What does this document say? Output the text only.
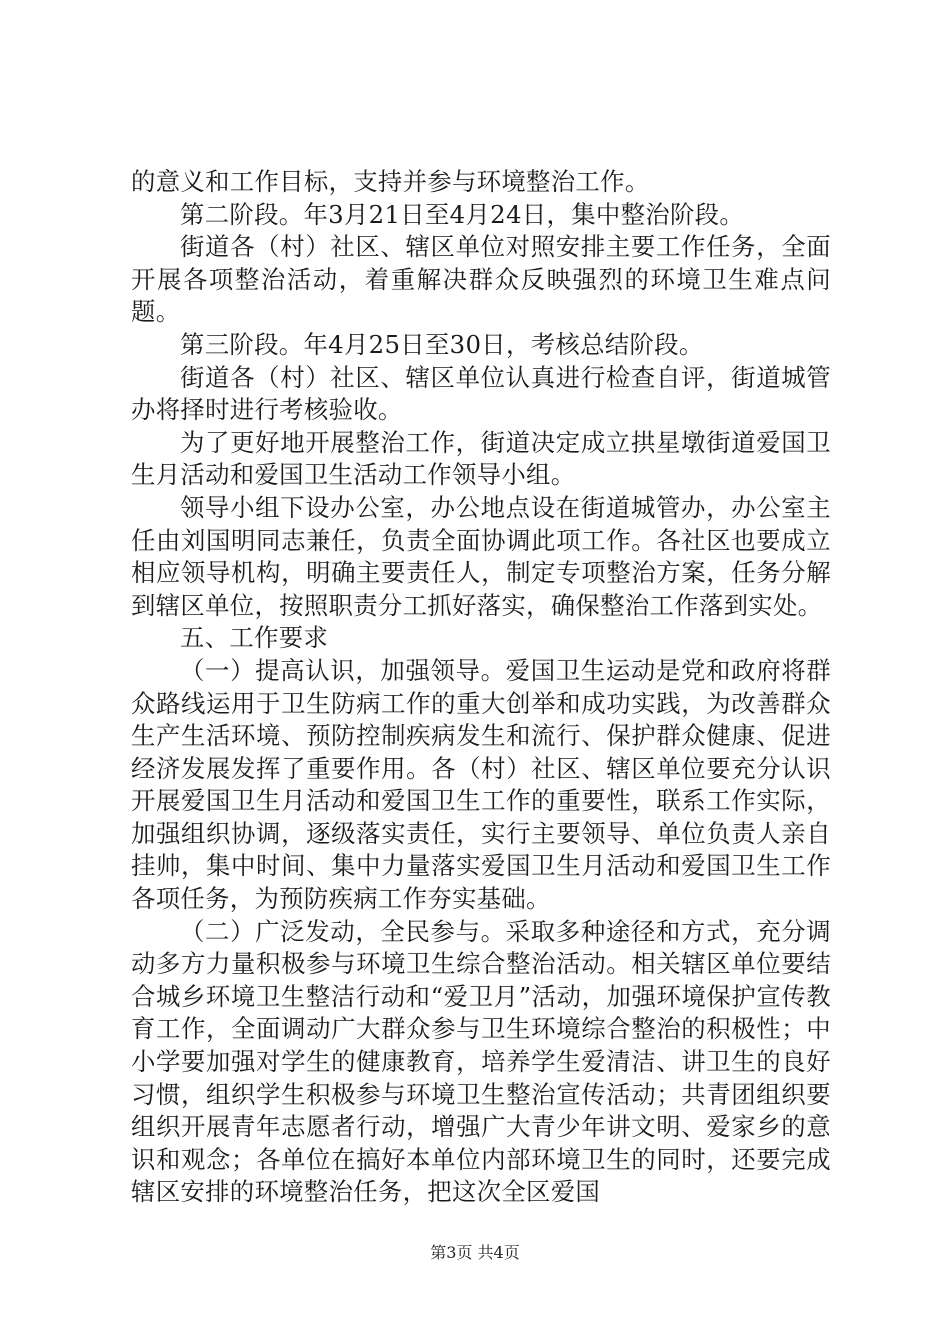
的意义和工作目标，支持并参与环境整治工作。

第二阶段。年3月21日至4月24日，集中整治阶段。

街道各（村）社区、辖区单位对照安排主要工作任务，全面开展各项整治活动，着重解决群众反映强烈的环境卫生难点问题。

第三阶段。年4月25日至30日，考核总结阶段。

街道各（村）社区、辖区单位认真进行检查自评，街道城管办将择时进行考核验收。

为了更好地开展整治工作，街道决定成立拱星墩街道爱国卫生月活动和爱国卫生活动工作领导小组。

领导小组下设办公室，办公地点设在街道城管办，办公室主任由刘国明同志兼任，负责全面协调此项工作。各社区也要成立相应领导机构，明确主要责任人，制定专项整治方案，任务分解到辖区单位，按照职责分工抓好落实，确保整治工作落到实处。

五、工作要求

（一）提高认识，加强领导。爱国卫生运动是党和政府将群众路线运用于卫生防病工作的重大创举和成功实践，为改善群众生产生活环境、预防控制疾病发生和流行、保护群众健康、促进经济发展发挥了重要作用。各（村）社区、辖区单位要充分认识开展爱国卫生月活动和爱国卫生工作的重要性，联系工作实际，加强组织协调，逐级落实责任，实行主要领导、单位负责人亲自挂帅，集中时间、集中力量落实爱国卫生月活动和爱国卫生工作各项任务，为预防疾病工作夯实基础。

（二）广泛发动，全民参与。采取多种途径和方式，充分调动多方力量积极参与环境卫生综合整治活动。相关辖区单位要结合城乡环境卫生整洁行动和“爱卫月”活动，加强环境保护宣传教育工作，全面调动广大群众参与卫生环境综合整治的积极性；中小学要加强对学生的健康教育，培养学生爱清洁、讲卫生的良好习惯，组织学生积极参与环境卫生整治宣传活动；共青团组织要组织开展青年志愿者行动，增强广大青少年讲文明、爱家乡的意识和观念；各单位在搞好本单位内部环境卫生的同时，还要完成辖区安排的环境整治任务，把这次全区爱国

第3页 共4页
